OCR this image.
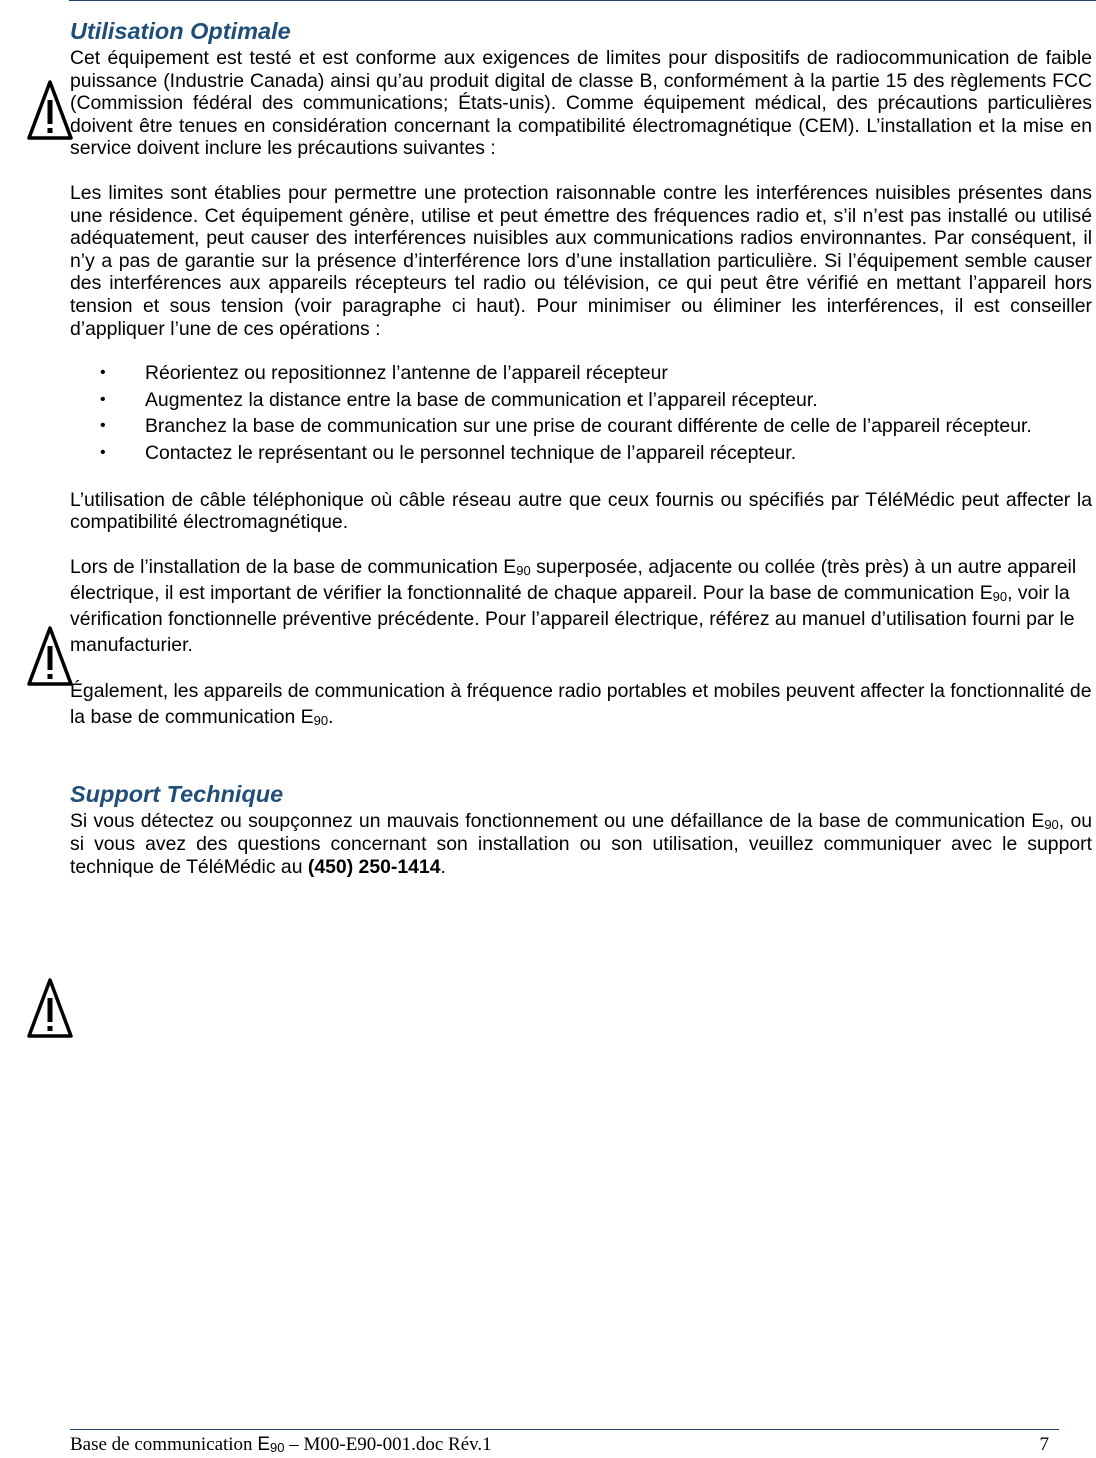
Utilisation Optimale

Cet équipement est testé et est conforme aux exigences de limites pour dispositifs de radiocommunication de faible puissance (Industrie Canada) ainsi qu’au produit digital de classe B, conformément à la partie 15 des règlements FCC (Commission fédéral des communications; États-unis). Comme équipement médical, des précautions particulières doivent être tenues en considération concernant la compatibilité électromagnétique (CEM). L’installation et la mise en service doivent inclure les précautions suivantes :

Les limites sont établies pour permettre une protection raisonnable contre les interférences nuisibles présentes dans une résidence. Cet équipement génère, utilise et peut émettre des fréquences radio et, s’il n’est pas installé ou utilisé adéquatement, peut causer des interférences nuisibles aux communications radios environnantes. Par conséquent, il n’y a pas de garantie sur la présence d’interférence lors d’une installation particulière. Si l’équipement semble causer des interférences aux appareils récepteurs tel radio ou télévision, ce qui peut être vérifié en mettant l’appareil hors tension et sous tension (voir paragraphe ci haut). Pour minimiser ou éliminer les interférences, il est conseiller d’appliquer l’une de ces opérations :

• Réorientez ou repositionnez l’antenne de l’appareil récepteur
• Augmentez la distance entre la base de communication et l’appareil récepteur.
• Branchez la base de communication sur une prise de courant différente de celle de l’appareil récepteur.
• Contactez le représentant ou le personnel technique de l’appareil récepteur.

L’utilisation de câble téléphonique où câble réseau autre que ceux fournis ou spécifiés par TéléMédic peut affecter la compatibilité électromagnétique.

Lors de l’installation de la base de communication $E_{90}$ superposée, adjacente ou collée (très près) à un autre appareil électrique, il est important de vérifier la fonctionnalité de chaque appareil. Pour la base de communication $E_{90}$, voir la vérification fonctionnelle préventive précédente. Pour l’appareil électrique, référez au manuel d’utilisation fourni par le manufacturier.

Également, les appareils de communication à fréquence radio portables et mobiles peuvent affecter la fonctionnalité de la base de communication $E_{90}$.

Support Technique

Si vous détectez ou soupçonnez un mauvais fonctionnement ou une défaillance de la base de communication $E_{90}$, ou si vous avez des questions concernant son installation ou son utilisation, veuillez communiquer avec le support technique de TéléMédic au (450) 250-1414.

Base de communication $E_{90} - M00-E90-001.doc$ Rév.1	7
